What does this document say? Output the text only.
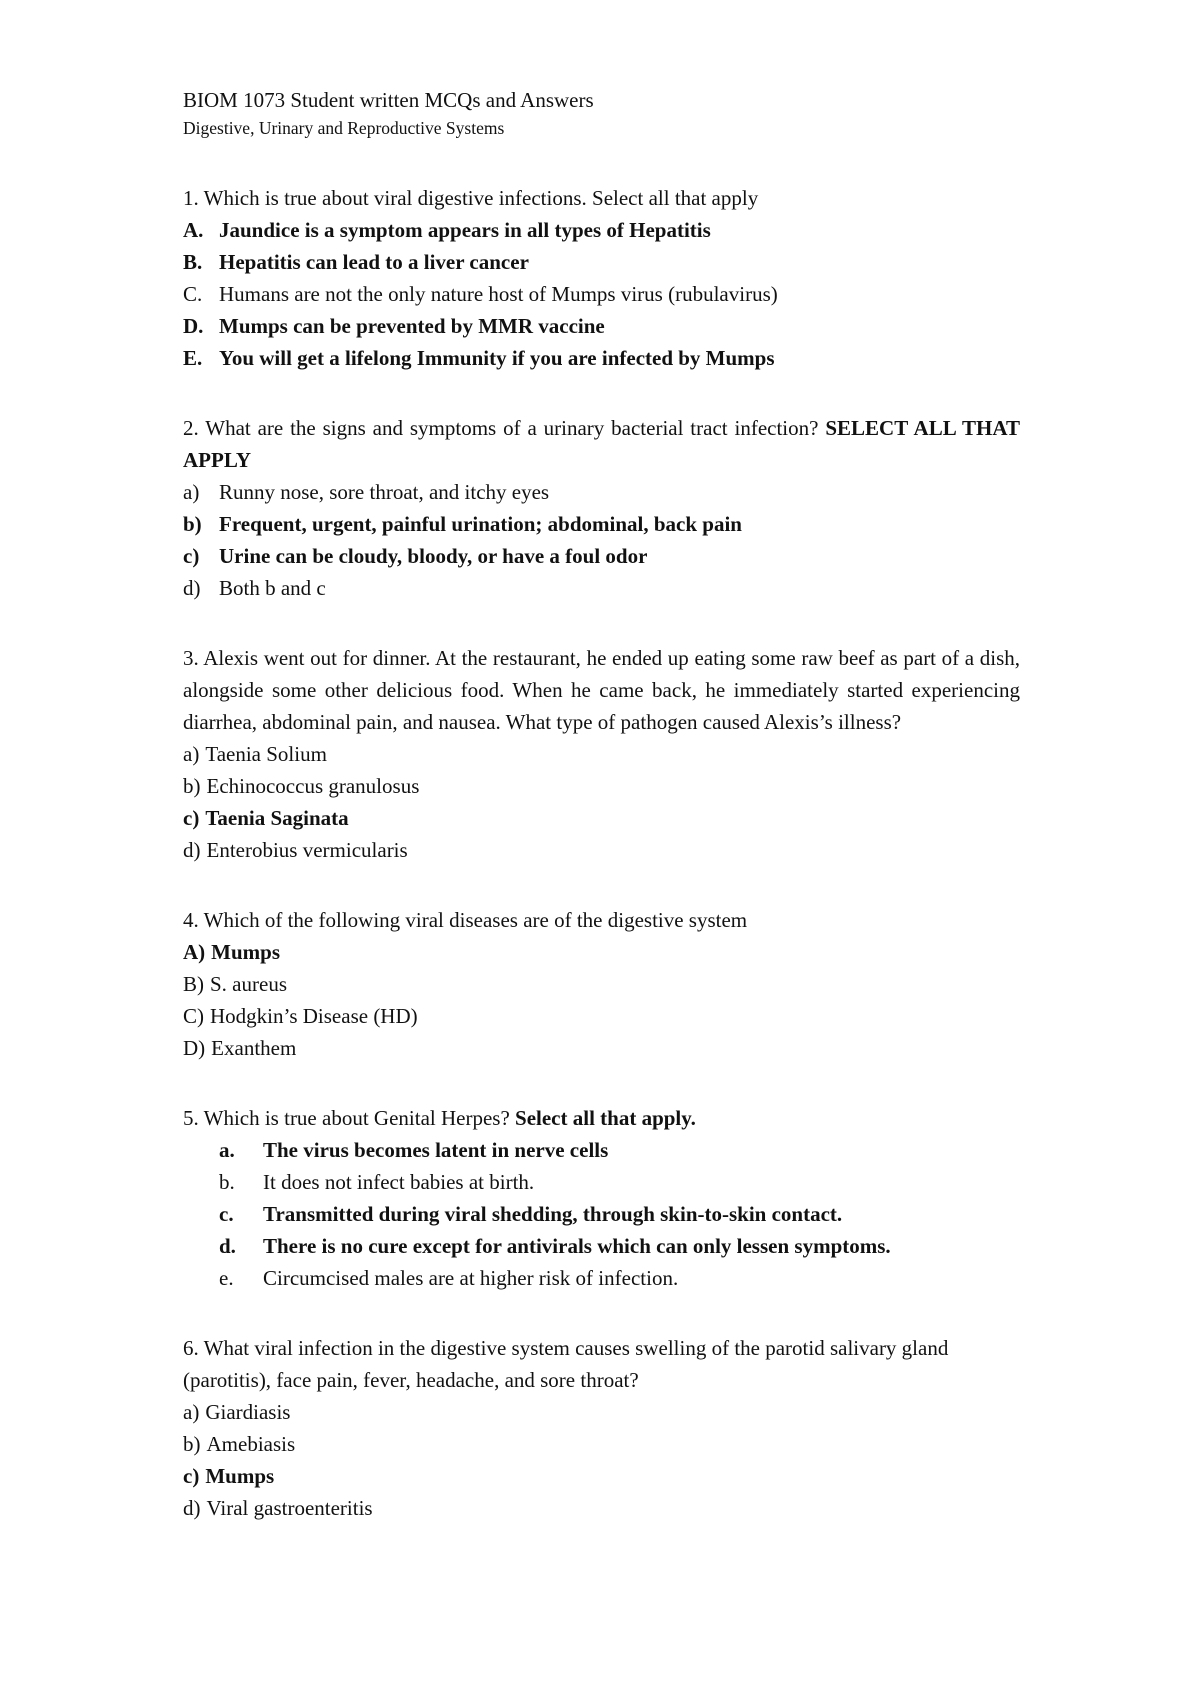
BIOM 1073 Student written MCQs and Answers
Digestive, Urinary and Reproductive Systems

1. Which is true about viral digestive infections. Select all that apply

A. Jaundice is a symptom appears in all types of Hepatitis
B. Hepatitis can lead to a liver cancer
C. Humans are not the only nature host of Mumps virus (rubulavirus)
D. Mumps can be prevented by MMR vaccine
E. You will get a lifelong Immunity if you are infected by Mumps

2. What are the signs and symptoms of a urinary bacterial tract infection? SELECT ALL THAT APPLY

a) Runny nose, sore throat, and itchy eyes
b) Frequent, urgent, painful urination; abdominal, back pain
c) Urine can be cloudy, bloody, or have a foul odor
d) Both b and c

3. Alexis went out for dinner. At the restaurant, he ended up eating some raw beef as part of a dish, alongside some other delicious food. When he came back, he immediately started experiencing diarrhea, abdominal pain, and nausea. What type of pathogen caused Alexis’s illness?

a) Taenia Solium
b) Echinococcus granulosus
c) Taenia Saginata
d) Enterobius vermicularis

4. Which of the following viral diseases are of the digestive system

A) Mumps
B) S. aureus
C) Hodgkin’s Disease (HD)
D) Exanthem

5. Which is true about Genital Herpes? Select all that apply.

a.	The virus becomes latent in nerve cells
b.	It does not infect babies at birth.
c.	Transmitted during viral shedding, through skin-to-skin contact.
d.	There is no cure except for antivirals which can only lessen symptoms.
e.	Circumcised males are at higher risk of infection.

6. What viral infection in the digestive system causes swelling of the parotid salivary gland

(parotitis), face pain, fever, headache, and sore throat?

a) Giardiasis
b) Amebiasis
c) Mumps
d) Viral gastroenteritis
